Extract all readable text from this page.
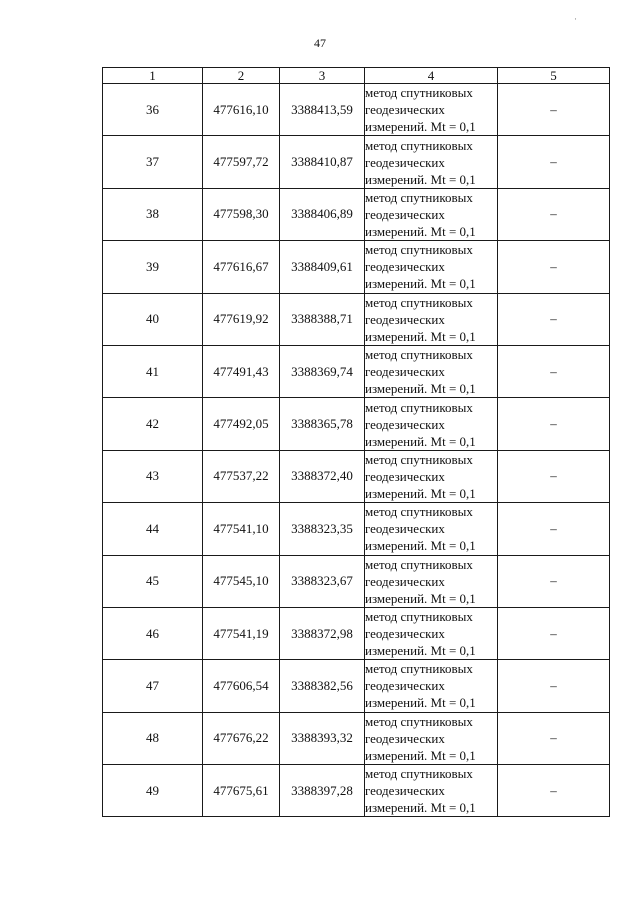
·
47
1	2	3	4	5
36	477616,10	3388413,59	метод спутниковых
геодезических
измерений. Mt = 0,1	–
37	477597,72	3388410,87	метод спутниковых
геодезических
измерений. Mt = 0,1	–
38	477598,30	3388406,89	метод спутниковых
геодезических
измерений. Mt = 0,1	–
39	477616,67	3388409,61	метод спутниковых
геодезических
измерений. Mt = 0,1	–
40	477619,92	3388388,71	метод спутниковых
геодезических
измерений. Mt = 0,1	–
41	477491,43	3388369,74	метод спутниковых
геодезических
измерений. Mt = 0,1	–
42	477492,05	3388365,78	метод спутниковых
геодезических
измерений. Mt = 0,1	–
43	477537,22	3388372,40	метод спутниковых
геодезических
измерений. Mt = 0,1	–
44	477541,10	3388323,35	метод спутниковых
геодезических
измерений. Mt = 0,1	–
45	477545,10	3388323,67	метод спутниковых
геодезических
измерений. Mt = 0,1	–
46	477541,19	3388372,98	метод спутниковых
геодезических
измерений. Mt = 0,1	–
47	477606,54	3388382,56	метод спутниковых
геодезических
измерений. Mt = 0,1	–
48	477676,22	3388393,32	метод спутниковых
геодезических
измерений. Mt = 0,1	–
49	477675,61	3388397,28	метод спутниковых
геодезических
измерений. Mt = 0,1	–
